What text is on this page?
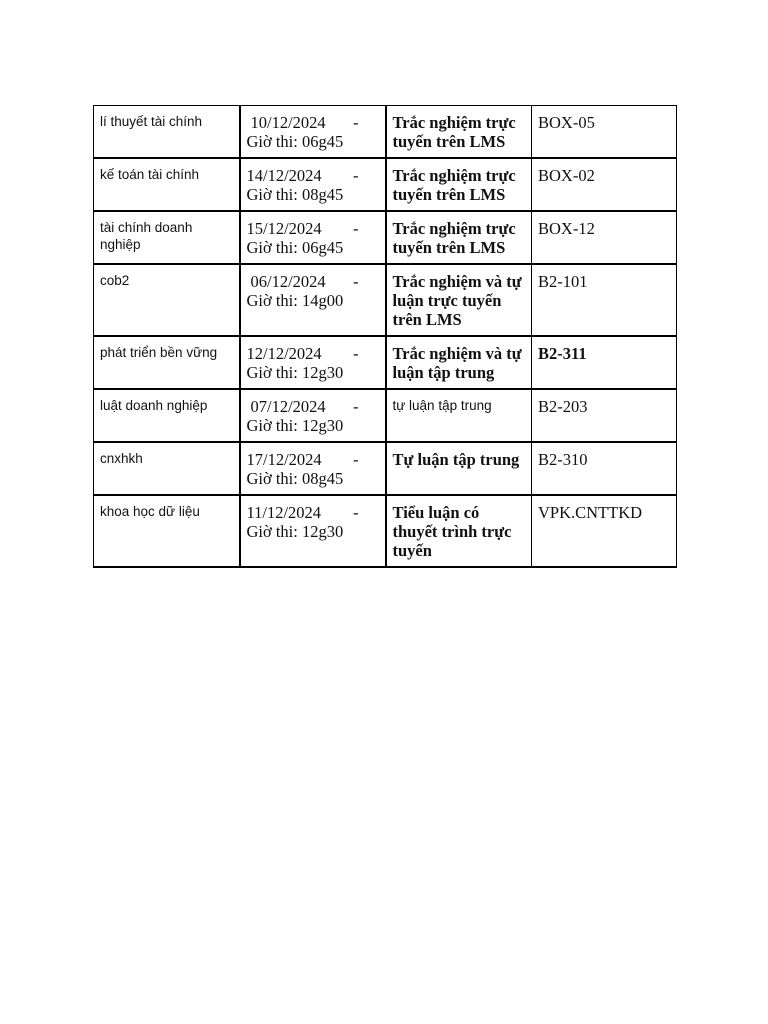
lí thuyết tài chính	10/12/2024 -
Giờ thi: 06g45	Trắc nghiệm trực tuyến trên LMS	BOX-05

kế toán tài chính	14/12/2024 -
Giờ thi: 08g45	Trắc nghiệm trực tuyến trên LMS	BOX-02

tài chính doanh nghiệp	15/12/2024 -
Giờ thi: 06g45	Trắc nghiệm trực tuyến trên LMS	BOX-12

cob2	06/12/2024 -
Giờ thi: 14g00	Trắc nghiệm và tự luận trực tuyến trên LMS	B2-101

phát triển bền vững	12/12/2024 -
Giờ thi: 12g30	Trắc nghiệm và tự luận tập trung	B2-311

luật doanh nghiệp	07/12/2024 -
Giờ thi: 12g30	tự luận tập trung	B2-203

cnxhkh	17/12/2024 -
Giờ thi: 08g45	Tự luận tập trung	B2-310

khoa học dữ liệu	11/12/2024 -
Giờ thi: 12g30	Tiểu luận có thuyết trình trực tuyến	VPK.CNTTKD
